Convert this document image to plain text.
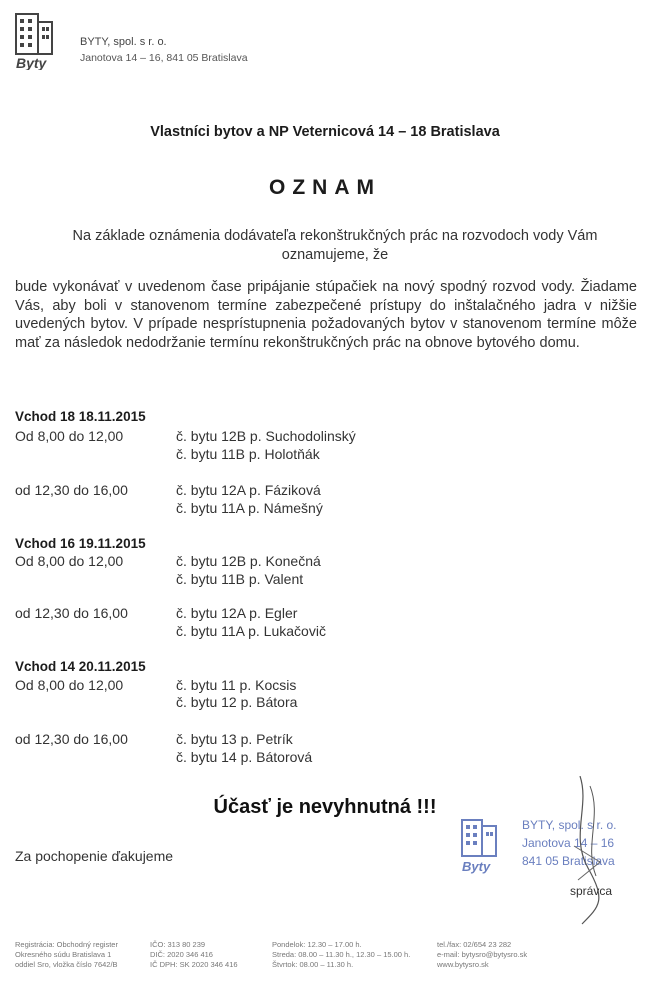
Byty
BYTY, spol. s r. o.
Janotova 14 – 16, 841 05 Bratislava
Vlastníci bytov a NP Veternicová 14 – 18 Bratislava
OZNAM
Na základe oznámenia dodávateľa rekonštrukčných prác na rozvodoch vody Vám oznamujeme, že
bude vykonávať v uvedenom čase pripájanie stúpačiek na nový spodný rozvod vody. Žiadame Vás, aby boli v stanovenom termíne zabezpečené prístupy do inštalačného jadra v nižšie uvedených bytov. V prípade nesprístupnenia požadovaných bytov v stanovenom termíne môže mať za následok nedodržanie termínu rekonštrukčných prác na obnove bytového domu.
Vchod 18 18.11.2015
Od 8,00 do 12,00	č. bytu 12B p. Suchodolinský
č. bytu 11B p. Holotňák
od 12,30 do 16,00	č. bytu 12A p. Fáziková
č. bytu 11A p. Námešný
Vchod 16 19.11.2015
Od 8,00 do 12,00	č. bytu 12B p. Konečná
č. bytu 11B p. Valent
od 12,30 do 16,00	č. bytu 12A p. Egler
č. bytu 11A p. Lukačovič
Vchod 14 20.11.2015
Od 8,00 do 12,00	č. bytu 11 p. Kocsis
č. bytu 12 p. Bátora
od 12,30 do 16,00	č. bytu 13 p. Petrík
č. bytu 14 p. Bátorová
Účasť je nevyhnutná !!!
Za pochopenie ďakujeme
Byty
BYTY, spol. s r. o.
Janotova 14 – 16
841 05 Bratislava
správca
Registrácia: Obchodný register
Okresného súdu Bratislava 1
oddiel Sro, vložka číslo 7642/B
IČO: 313 80 239
DIČ: 2020 346 416
IČ DPH: SK 2020 346 416
Pondelok: 12.30 – 17.00 h.
Streda: 08.00 – 11.30 h., 12.30 – 15.00 h.
Štvrtok: 08.00 – 11.30 h.
tel./fax: 02/654 23 282
e-mail: bytysro@bytysro.sk
www.bytysro.sk
